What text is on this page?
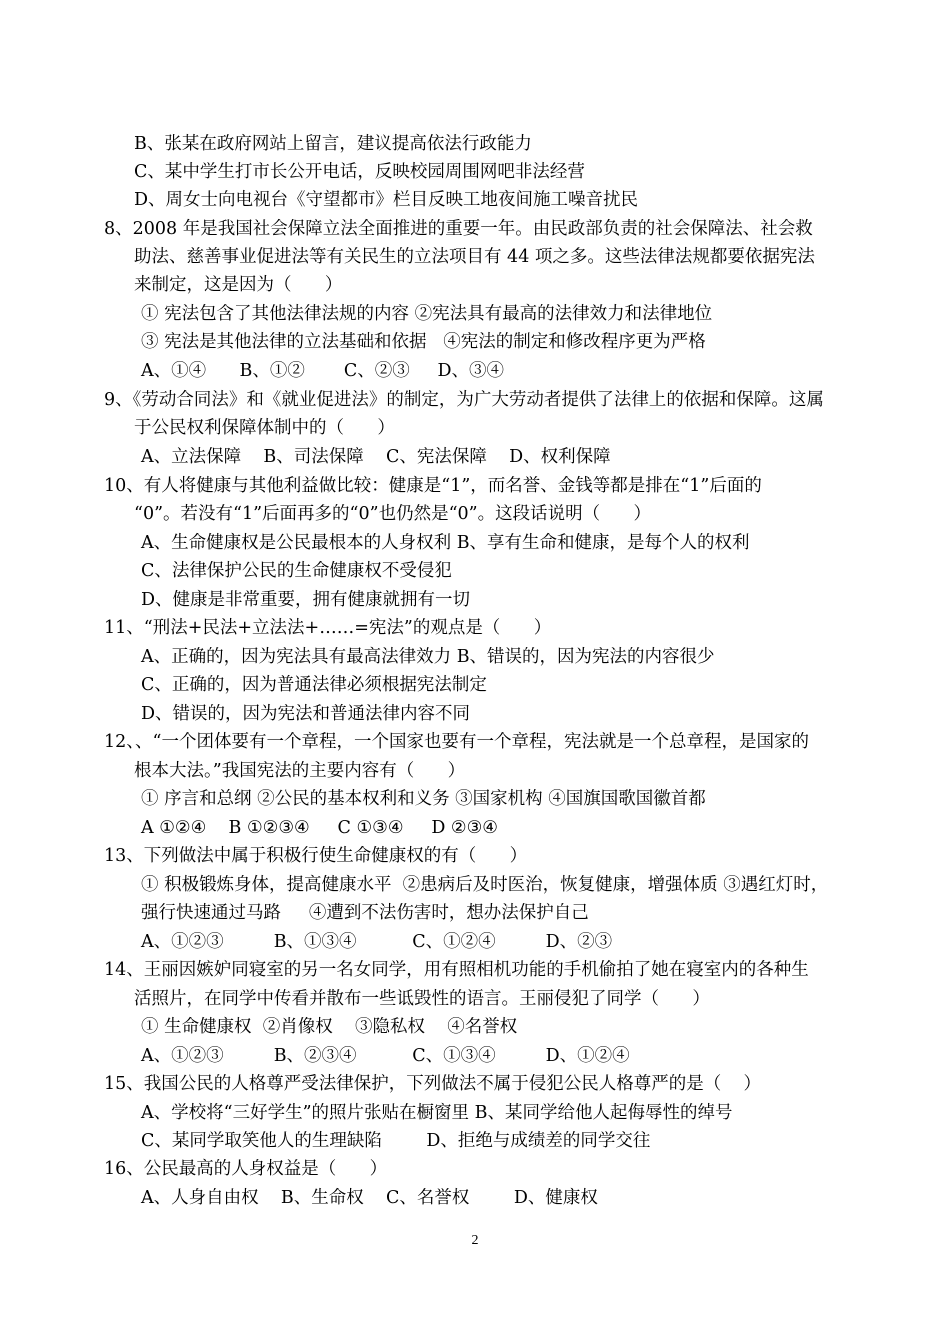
B、张某在政府网站上留言，建议提高依法行政能力
C、某中学生打市长公开电话，反映校园周围网吧非法经营
D、周女士向电视台《守望都市》栏目反映工地夜间施工噪音扰民
8、2008 年是我国社会保障立法全面推进的重要一年。由民政部负责的社会保障法、社会救
助法、慈善事业促进法等有关民生的立法项目有 44 项之多。这些法律法规都要依据宪法
来制定，这是因为（      ）
① 宪法包含了其他法律法规的内容 ②宪法具有最高的法律效力和法律地位
③ 宪法是其他法律的立法基础和依据   ④宪法的制定和修改程序更为严格
A、①④      B、①②       C、②③     D、③④
9、《劳动合同法》和《就业促进法》的制定，为广大劳动者提供了法律上的依据和保障。这属
于公民权利保障体制中的（      ）
A、立法保障    B、司法保障    C、宪法保障    D、权利保障
10、有人将健康与其他利益做比较：健康是“1”，而名誉、金钱等都是排在“1”后面的
“0”。若没有“1”后面再多的“0”也仍然是“0”。这段话说明（      ）
A、生命健康权是公民最根本的人身权利 B、享有生命和健康，是每个人的权利
C、法律保护公民的生命健康权不受侵犯
D、健康是非常重要，拥有健康就拥有一切
11、“刑法+民法+立法法+……=宪法”的观点是（      ）
A、正确的，因为宪法具有最高法律效力 B、错误的，因为宪法的内容很少
C、正确的，因为普通法律必须根据宪法制定
D、错误的，因为宪法和普通法律内容不同
12、、“一个团体要有一个章程，一个国家也要有一个章程，宪法就是一个总章程，是国家的
根本大法。”我国宪法的主要内容有（      ）
① 序言和总纲 ②公民的基本权利和义务 ③国家机构 ④国旗国歌国徽首都
A ①②④    B ①②③④     C ①③④     D ②③④
13、下列做法中属于积极行使生命健康权的有（      ）
① 积极锻炼身体，提高健康水平  ②患病后及时医治，恢复健康，增强体质 ③遇红灯时，
强行快速通过马路     ④遭到不法伤害时，想办法保护自己
A、①②③         B、①③④          C、①②④         D、②③
14、王丽因嫉妒同寝室的另一名女同学，用有照相机功能的手机偷拍了她在寝室内的各种生
活照片，在同学中传看并散布一些诋毁性的语言。王丽侵犯了同学（      ）
① 生命健康权  ②肖像权    ③隐私权    ④名誉权
A、①②③         B、②③④          C、①③④         D、①②④
15、我国公民的人格尊严受法律保护，下列做法不属于侵犯公民人格尊严的是（    ）
A、学校将“三好学生”的照片张贴在橱窗里 B、某同学给他人起侮辱性的绰号
C、某同学取笑他人的生理缺陷        D、拒绝与成绩差的同学交往
16、公民最高的人身权益是（      ）
A、人身自由权    B、生命权    C、名誉权        D、健康权
2
